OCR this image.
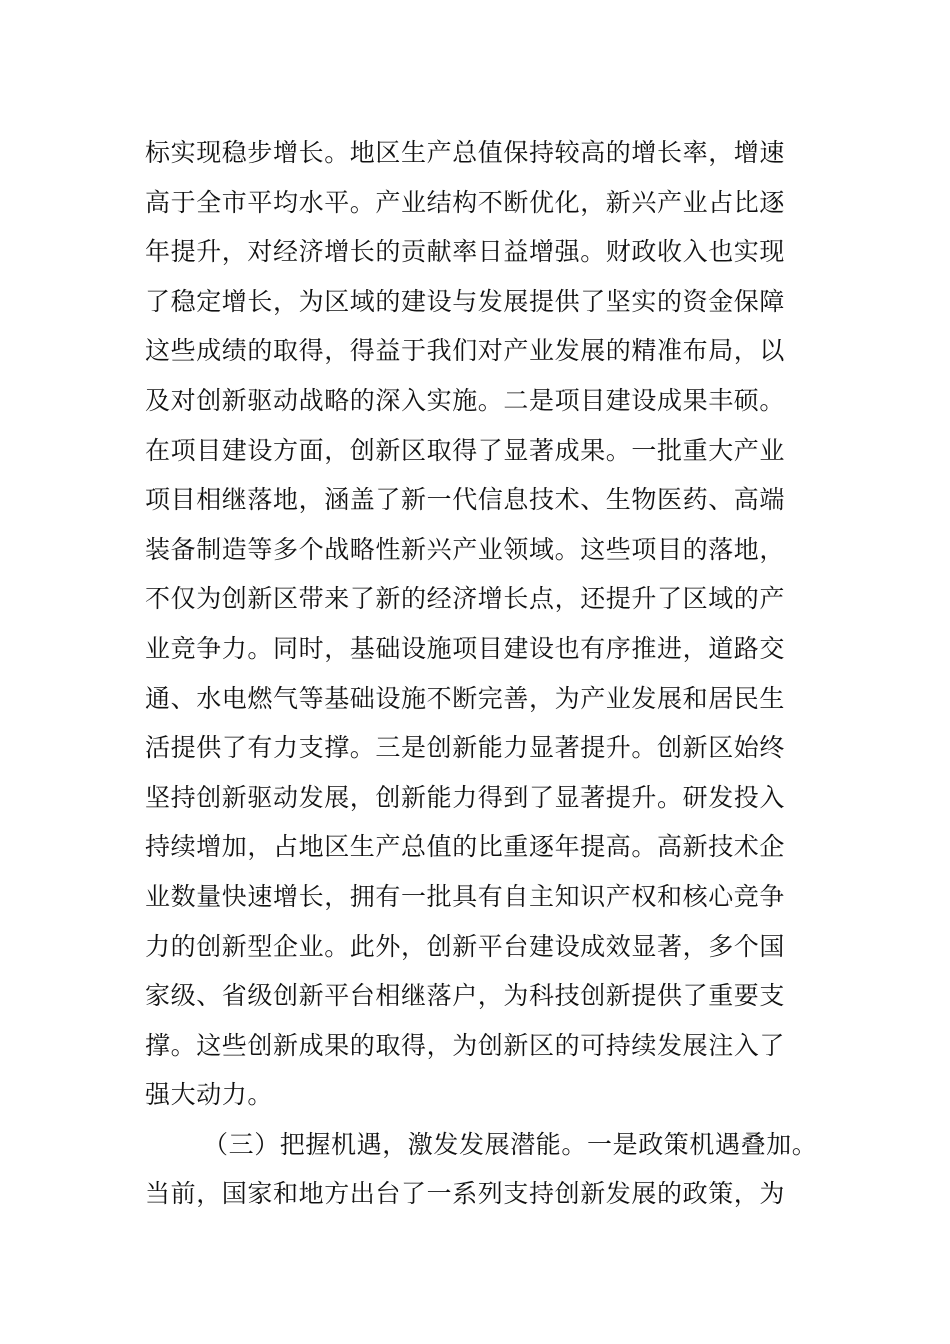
标实现稳步增长。地区生产总值保持较高的增长率，增速
高于全市平均水平。产业结构不断优化，新兴产业占比逐
年提升，对经济增长的贡献率日益增强。财政收入也实现
了稳定增长，为区域的建设与发展提供了坚实的资金保障
这些成绩的取得，得益于我们对产业发展的精准布局，以
及对创新驱动战略的深入实施。二是项目建设成果丰硕。
在项目建设方面，创新区取得了显著成果。一批重大产业
项目相继落地，涵盖了新一代信息技术、生物医药、高端
装备制造等多个战略性新兴产业领域。这些项目的落地，
不仅为创新区带来了新的经济增长点，还提升了区域的产
业竞争力。同时，基础设施项目建设也有序推进，道路交
通、水电燃气等基础设施不断完善，为产业发展和居民生
活提供了有力支撑。三是创新能力显著提升。创新区始终
坚持创新驱动发展，创新能力得到了显著提升。研发投入
持续增加，占地区生产总值的比重逐年提高。高新技术企
业数量快速增长，拥有一批具有自主知识产权和核心竞争
力的创新型企业。此外，创新平台建设成效显著，多个国
家级、省级创新平台相继落户，为科技创新提供了重要支
撑。这些创新成果的取得，为创新区的可持续发展注入了
强大动力。
（三）把握机遇，激发发展潜能。一是政策机遇叠加。
当前，国家和地方出台了一系列支持创新发展的政策，为
